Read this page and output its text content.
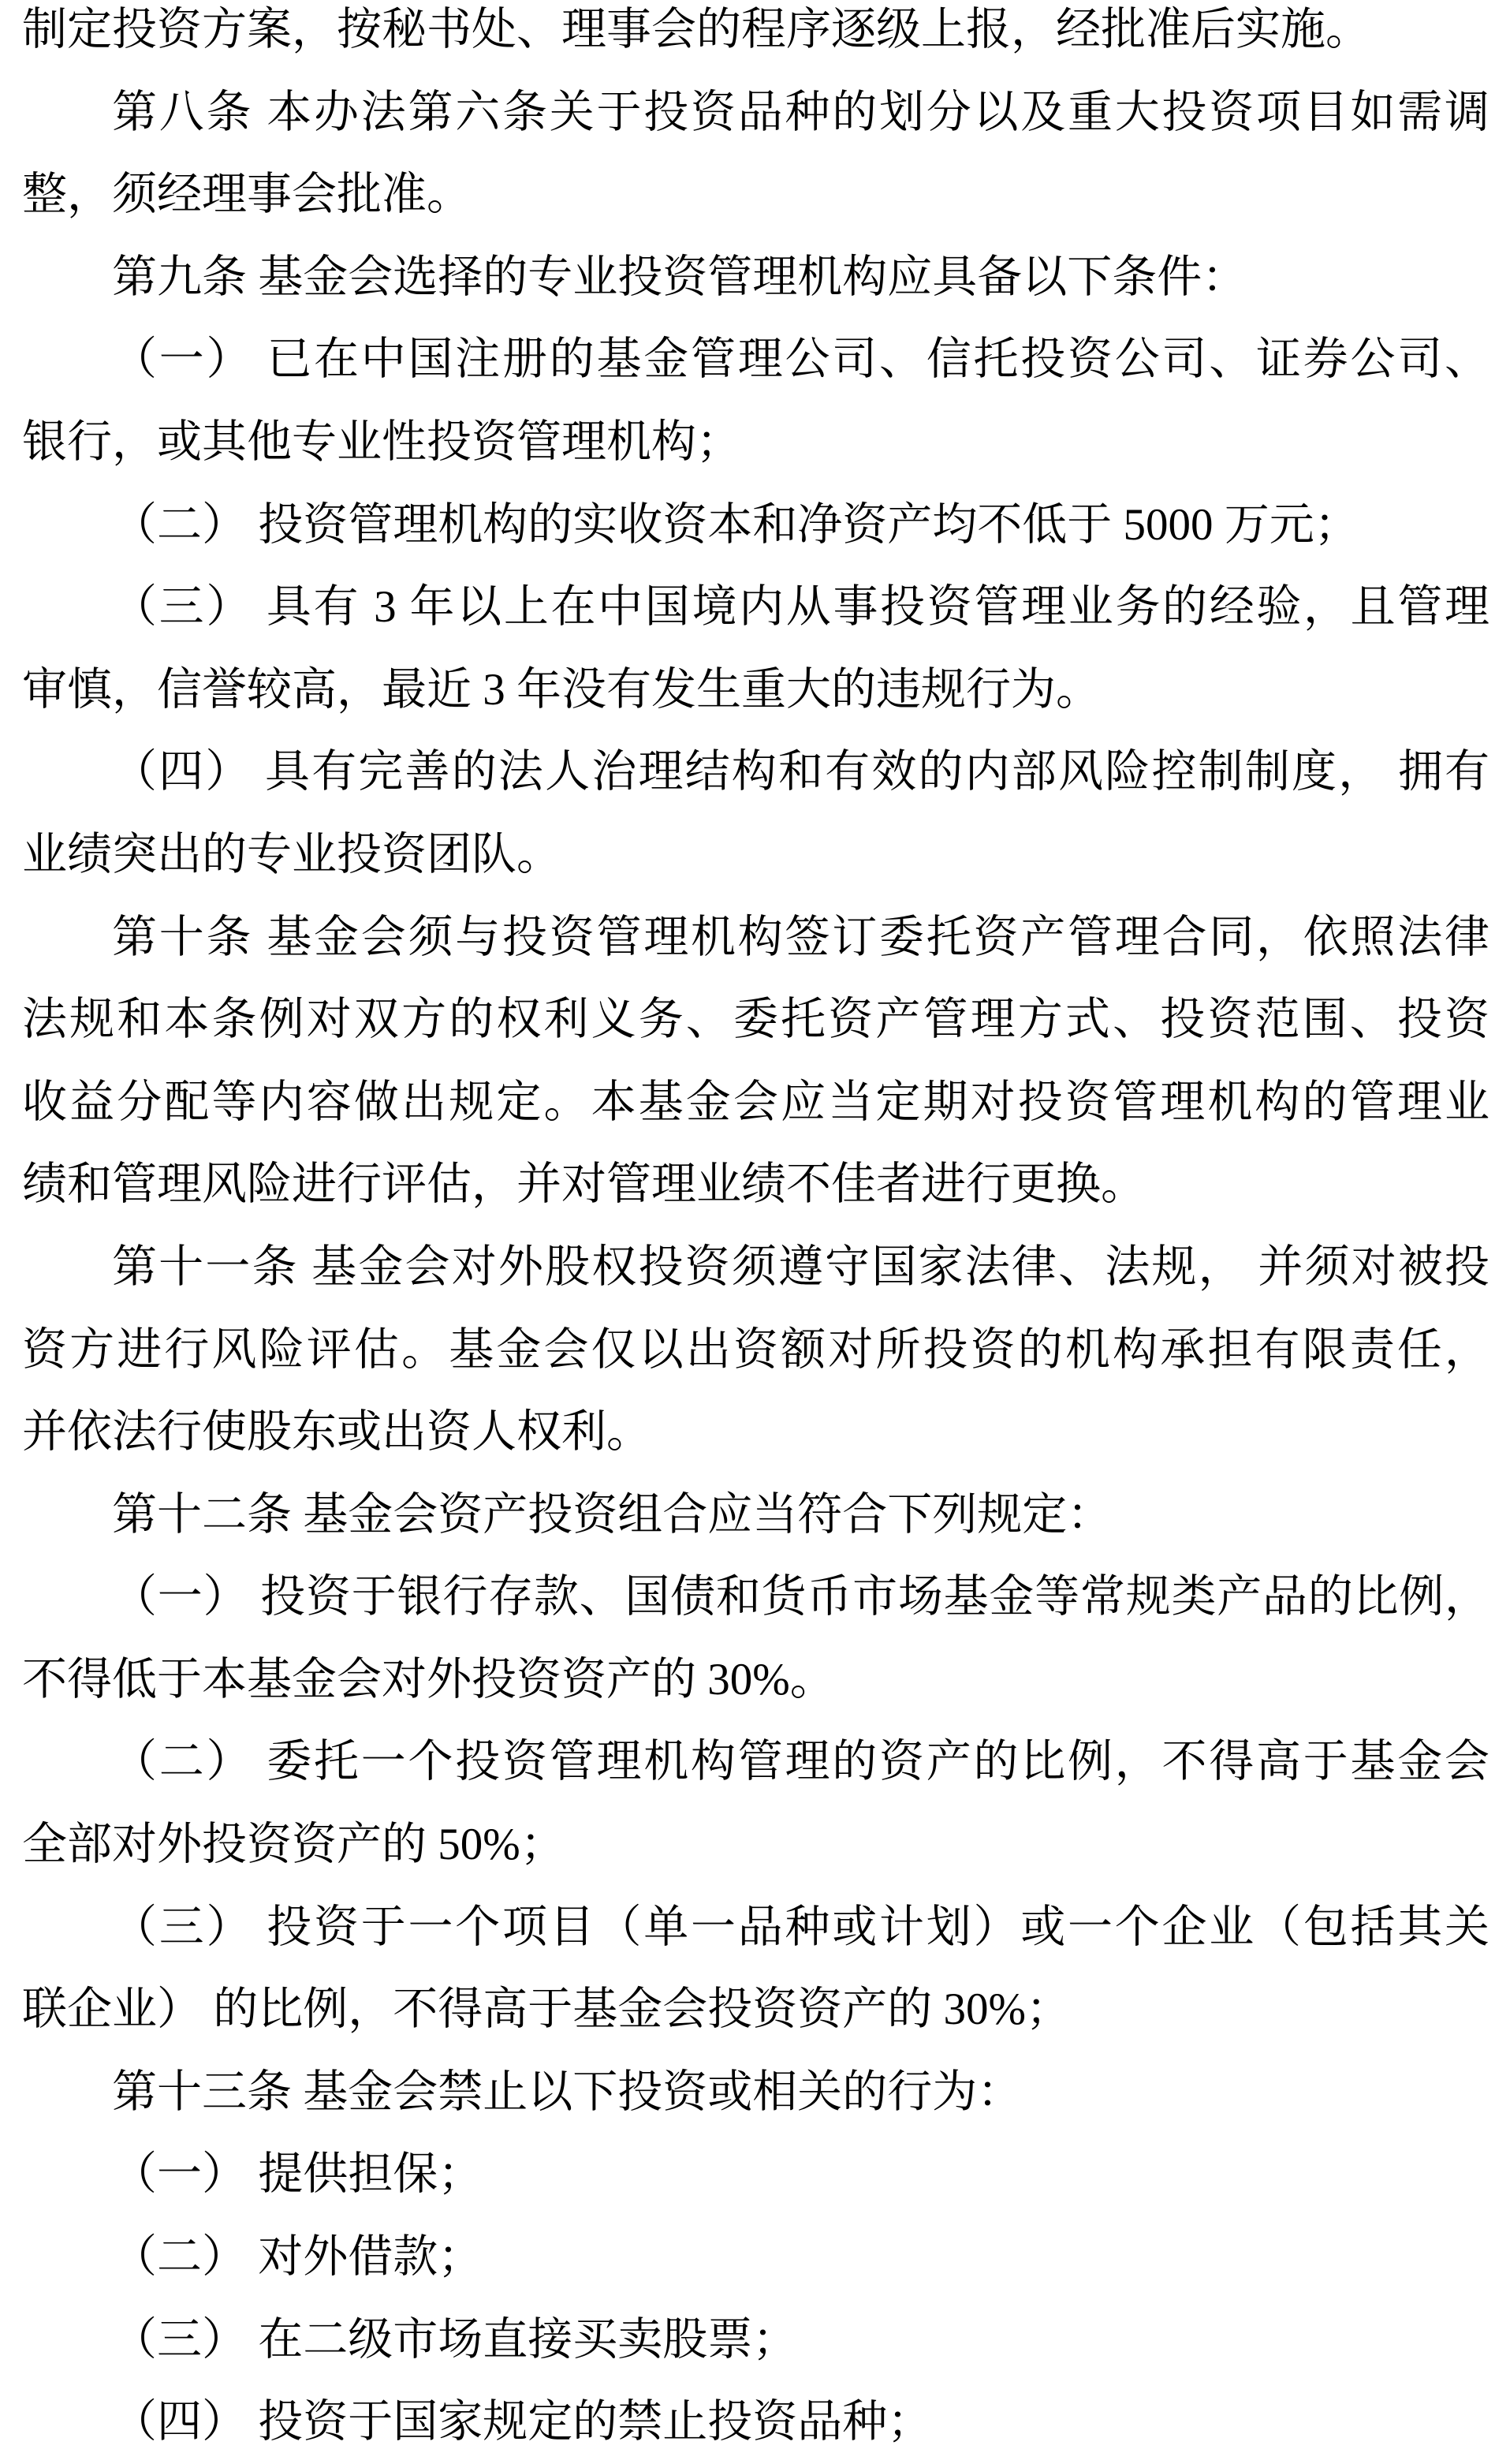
制定投资方案，按秘书处、理事会的程序逐级上报，经批准后实施。
第八条 本办法第六条关于投资品种的划分以及重大投资项目如需调
整，须经理事会批准。
第九条 基金会选择的专业投资管理机构应具备以下条件：
（一） 已在中国注册的基金管理公司、信托投资公司、证券公司、
银行，或其他专业性投资管理机构；
（二） 投资管理机构的实收资本和净资产均不低于 5000 万元；
（三） 具有 3 年以上在中国境内从事投资管理业务的经验，且管理
审慎，信誉较高，最近 3 年没有发生重大的违规行为。
（四） 具有完善的法人治理结构和有效的内部风险控制制度， 拥有
业绩突出的专业投资团队。
第十条 基金会须与投资管理机构签订委托资产管理合同，依照法律
法规和本条例对双方的权利义务、委托资产管理方式、投资范围、投资
收益分配等内容做出规定。本基金会应当定期对投资管理机构的管理业
绩和管理风险进行评估，并对管理业绩不佳者进行更换。
第十一条 基金会对外股权投资须遵守国家法律、法规， 并须对被投
资方进行风险评估。基金会仅以出资额对所投资的机构承担有限责任，
并依法行使股东或出资人权利。
第十二条 基金会资产投资组合应当符合下列规定：
（一） 投资于银行存款、国债和货币市场基金等常规类产品的比例，
不得低于本基金会对外投资资产的 30%。
（二） 委托一个投资管理机构管理的资产的比例，不得高于基金会
全部对外投资资产的 50%；
（三） 投资于一个项目（单一品种或计划）或一个企业（包括其关
联企业） 的比例，不得高于基金会投资资产的 30%；
第十三条 基金会禁止以下投资或相关的行为：
（一） 提供担保；
（二） 对外借款；
（三） 在二级市场直接买卖股票；
（四） 投资于国家规定的禁止投资品种；
